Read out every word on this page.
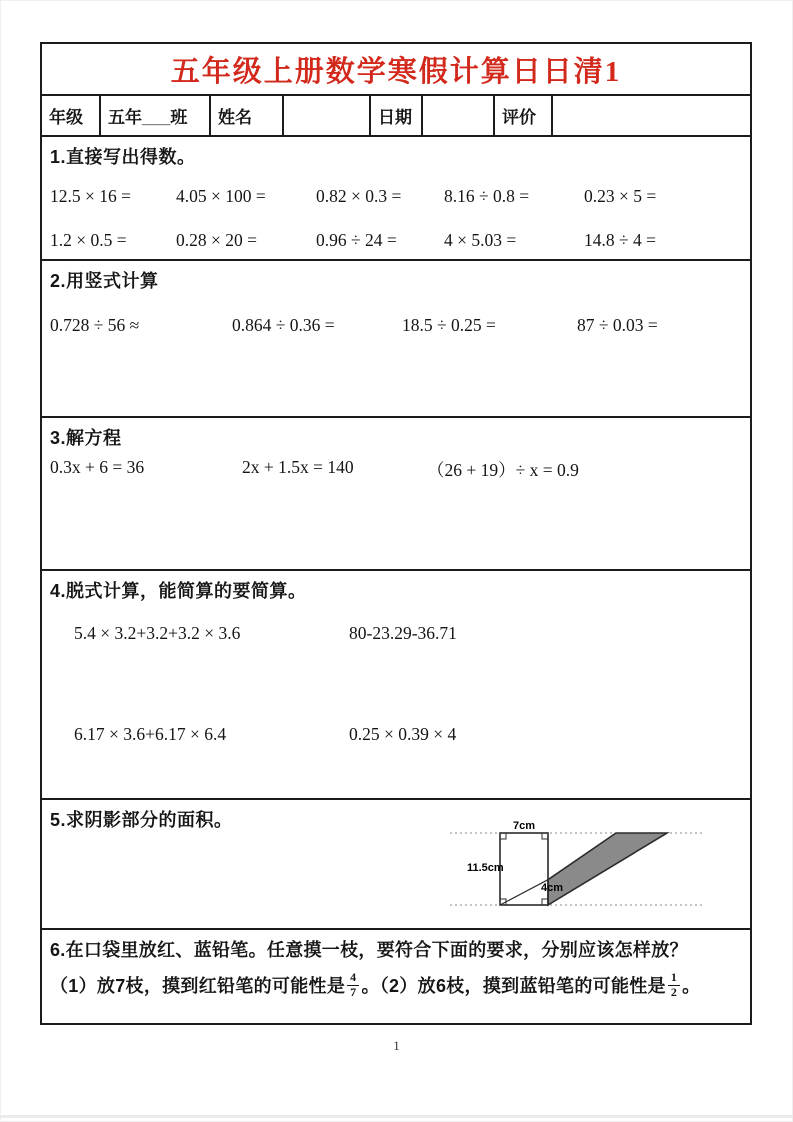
五年级上册数学寒假计算日日清1
年级	五年___班	姓名	日期	评价
1.直接写出得数。
12.5 × 16 =	4.05 × 100 =	0.82 × 0.3 =	8.16 ÷ 0.8 =	0.23 × 5 =
1.2 × 0.5 =	0.28 × 20 =	0.96 ÷ 24 =	4 × 5.03 =	14.8 ÷ 4 =
2.用竖式计算
0.728 ÷ 56 ≈	0.864 ÷ 0.36 =	18.5 ÷ 0.25 =	87 ÷ 0.03 =
3.解方程
0.3x + 6 = 36	2x + 1.5x = 140	（26 + 19）÷ x = 0.9
4.脱式计算，能简算的要简算。
5.4 × 3.2+3.2+3.2 × 3.6	80-23.29-36.71
6.17 × 3.6+6.17 × 6.4	0.25 × 0.39 × 4
5.求阴影部分的面积。	7cm
11.5cm
4cm
6.在口袋里放红、蓝铅笔。任意摸一枝，要符合下面的要求，分别应该怎样放？
（1）放7枝，摸到红铅笔的可能性是 $\frac{4}{7}$ 。（2）放6枝，摸到蓝铅笔的可能性是 $\frac{1}{2}$ 。
1
